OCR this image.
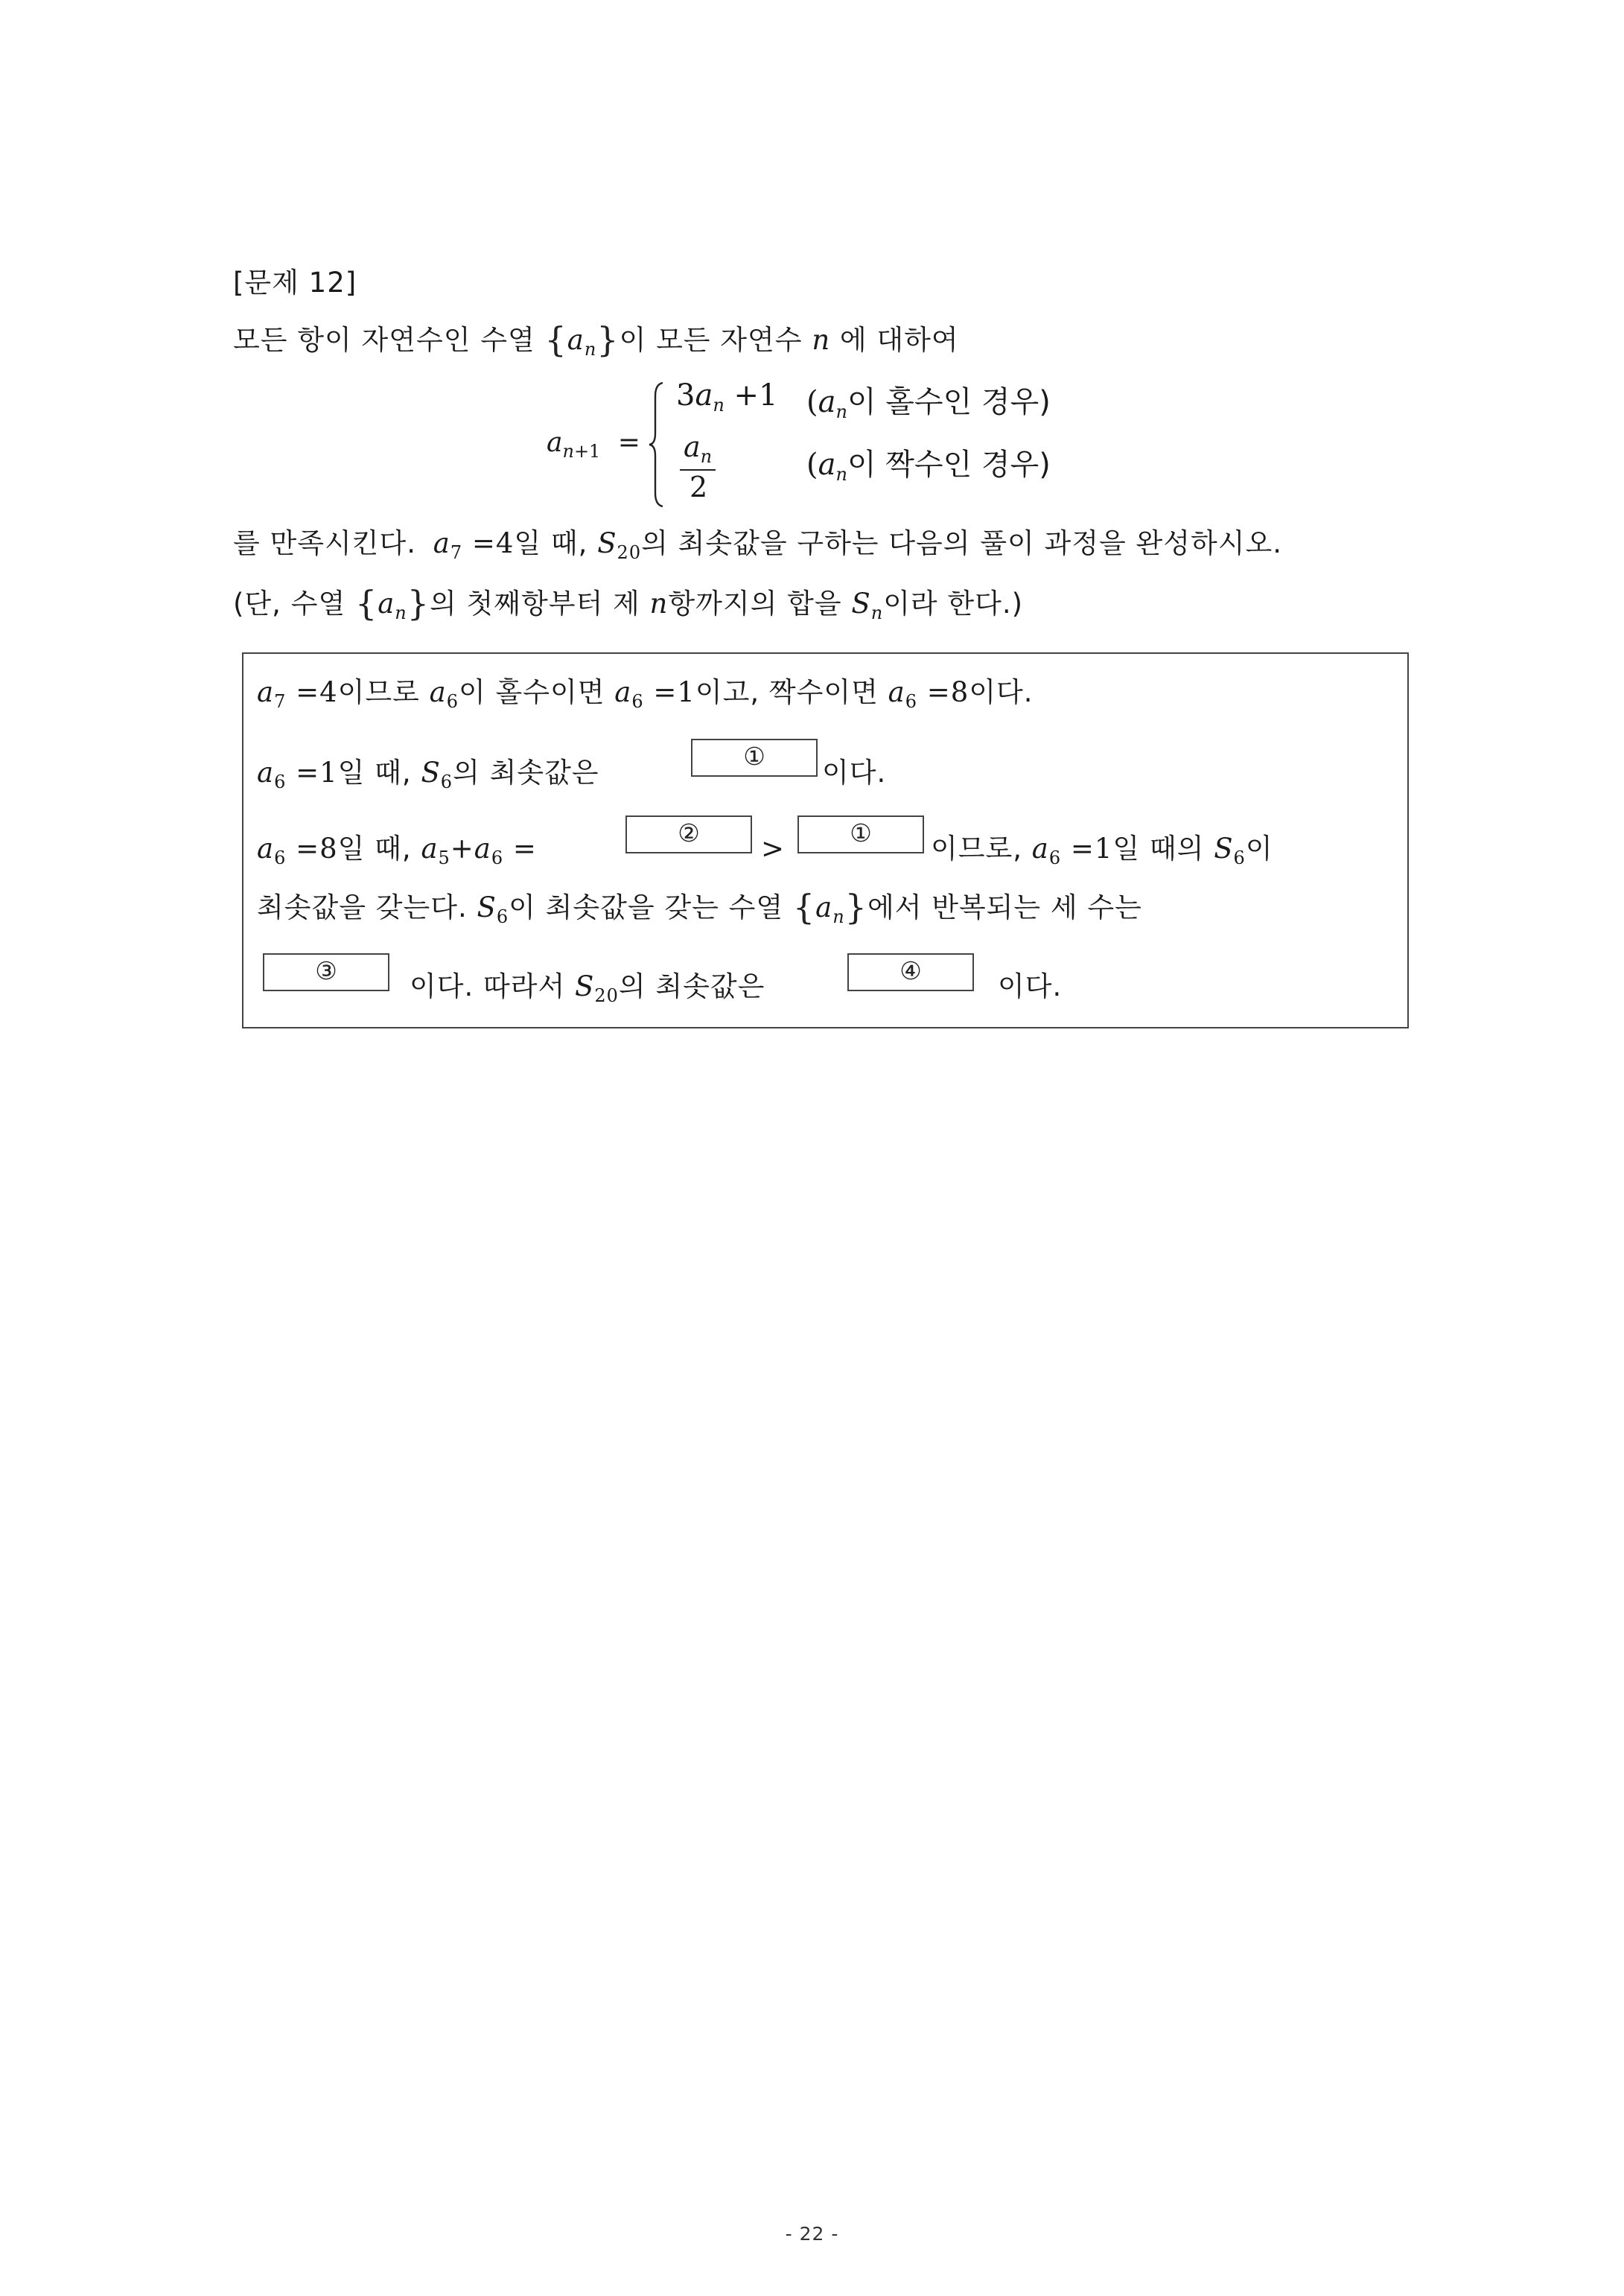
[문제 12]
모든 항이 자연수인 수열 $\{a_n\}$이 모든 자연수 n 에 대하여
$a_{n+1}$ =
$3a_n +1$ ($a_n$이 홀수인 경우)
$a_n$
2
($a_n$이 짝수인 경우)
를 만족시킨다. $a_7 =4$일 때, $S_{20}$의 최솟값을 구하는 다음의 풀이 과정을 완성하시오.
(단, 수열 $\{a_n\}$의 첫째항부터 제 n항까지의 합을 $S_n$이라 한다.)
$a_7 =4$이므로 $a_6$이 홀수이면 $a_6 =1$이고, 짝수이면 $a_6 =8$이다.
$a_6 =1$일 때, $S_6$의 최솟값은
①
이다.
$a_6 =8$일 때, $a_5+a_6$ =	②	>	①	이므로, $a_6 =1$일 때의 $S_6$이
최솟값을 갖는다. $S_6$이 최솟값을 갖는 수열 $\{a_n\}$에서 반복되는 세 수는
③	이다. 따라서 $S_{20}$의 최솟값은	④	이다.
- 22 -
